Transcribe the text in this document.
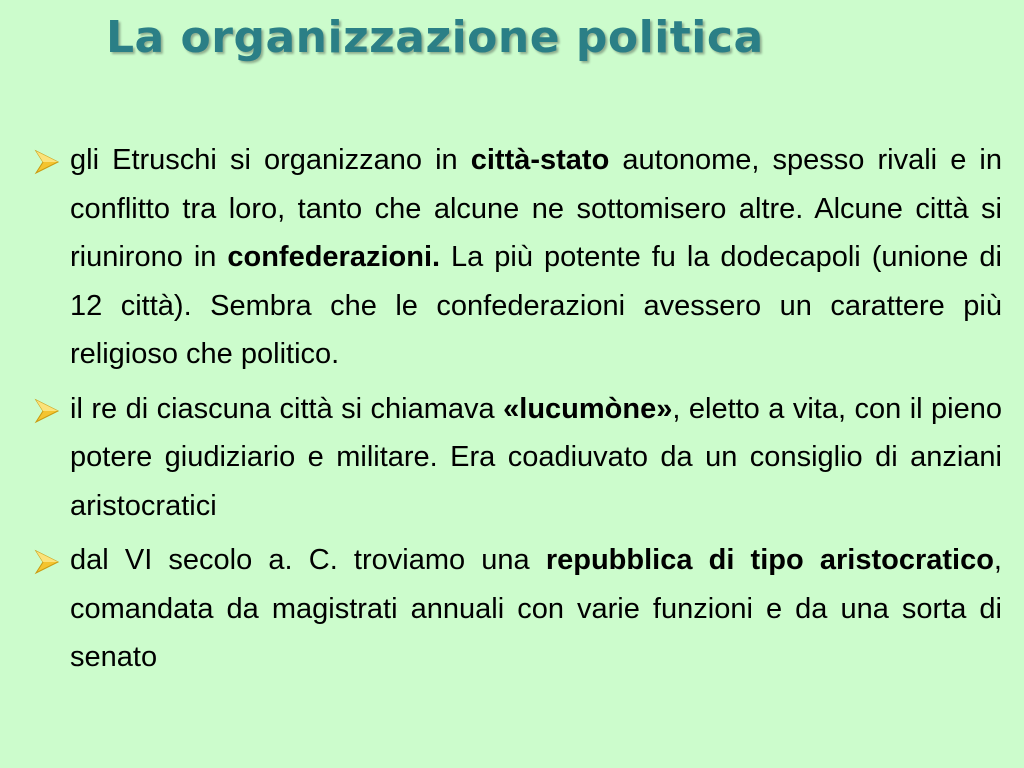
La organizzazione politica
gli Etruschi si organizzano in città-stato autonome, spesso rivali e in conflitto tra loro, tanto che alcune ne sottomisero altre. Alcune città si riunirono in confederazioni. La più potente fu la dodecapoli (unione di 12 città). Sembra che le confederazioni avessero un carattere più religioso che politico.
il re di ciascuna città si chiamava «lucumòne», eletto a vita, con il pieno potere giudiziario e militare. Era coadiuvato da un consiglio di anziani aristocratici
dal VI secolo a. C. troviamo una repubblica di tipo aristocratico, comandata da magistrati annuali con varie funzioni e da una sorta di senato
